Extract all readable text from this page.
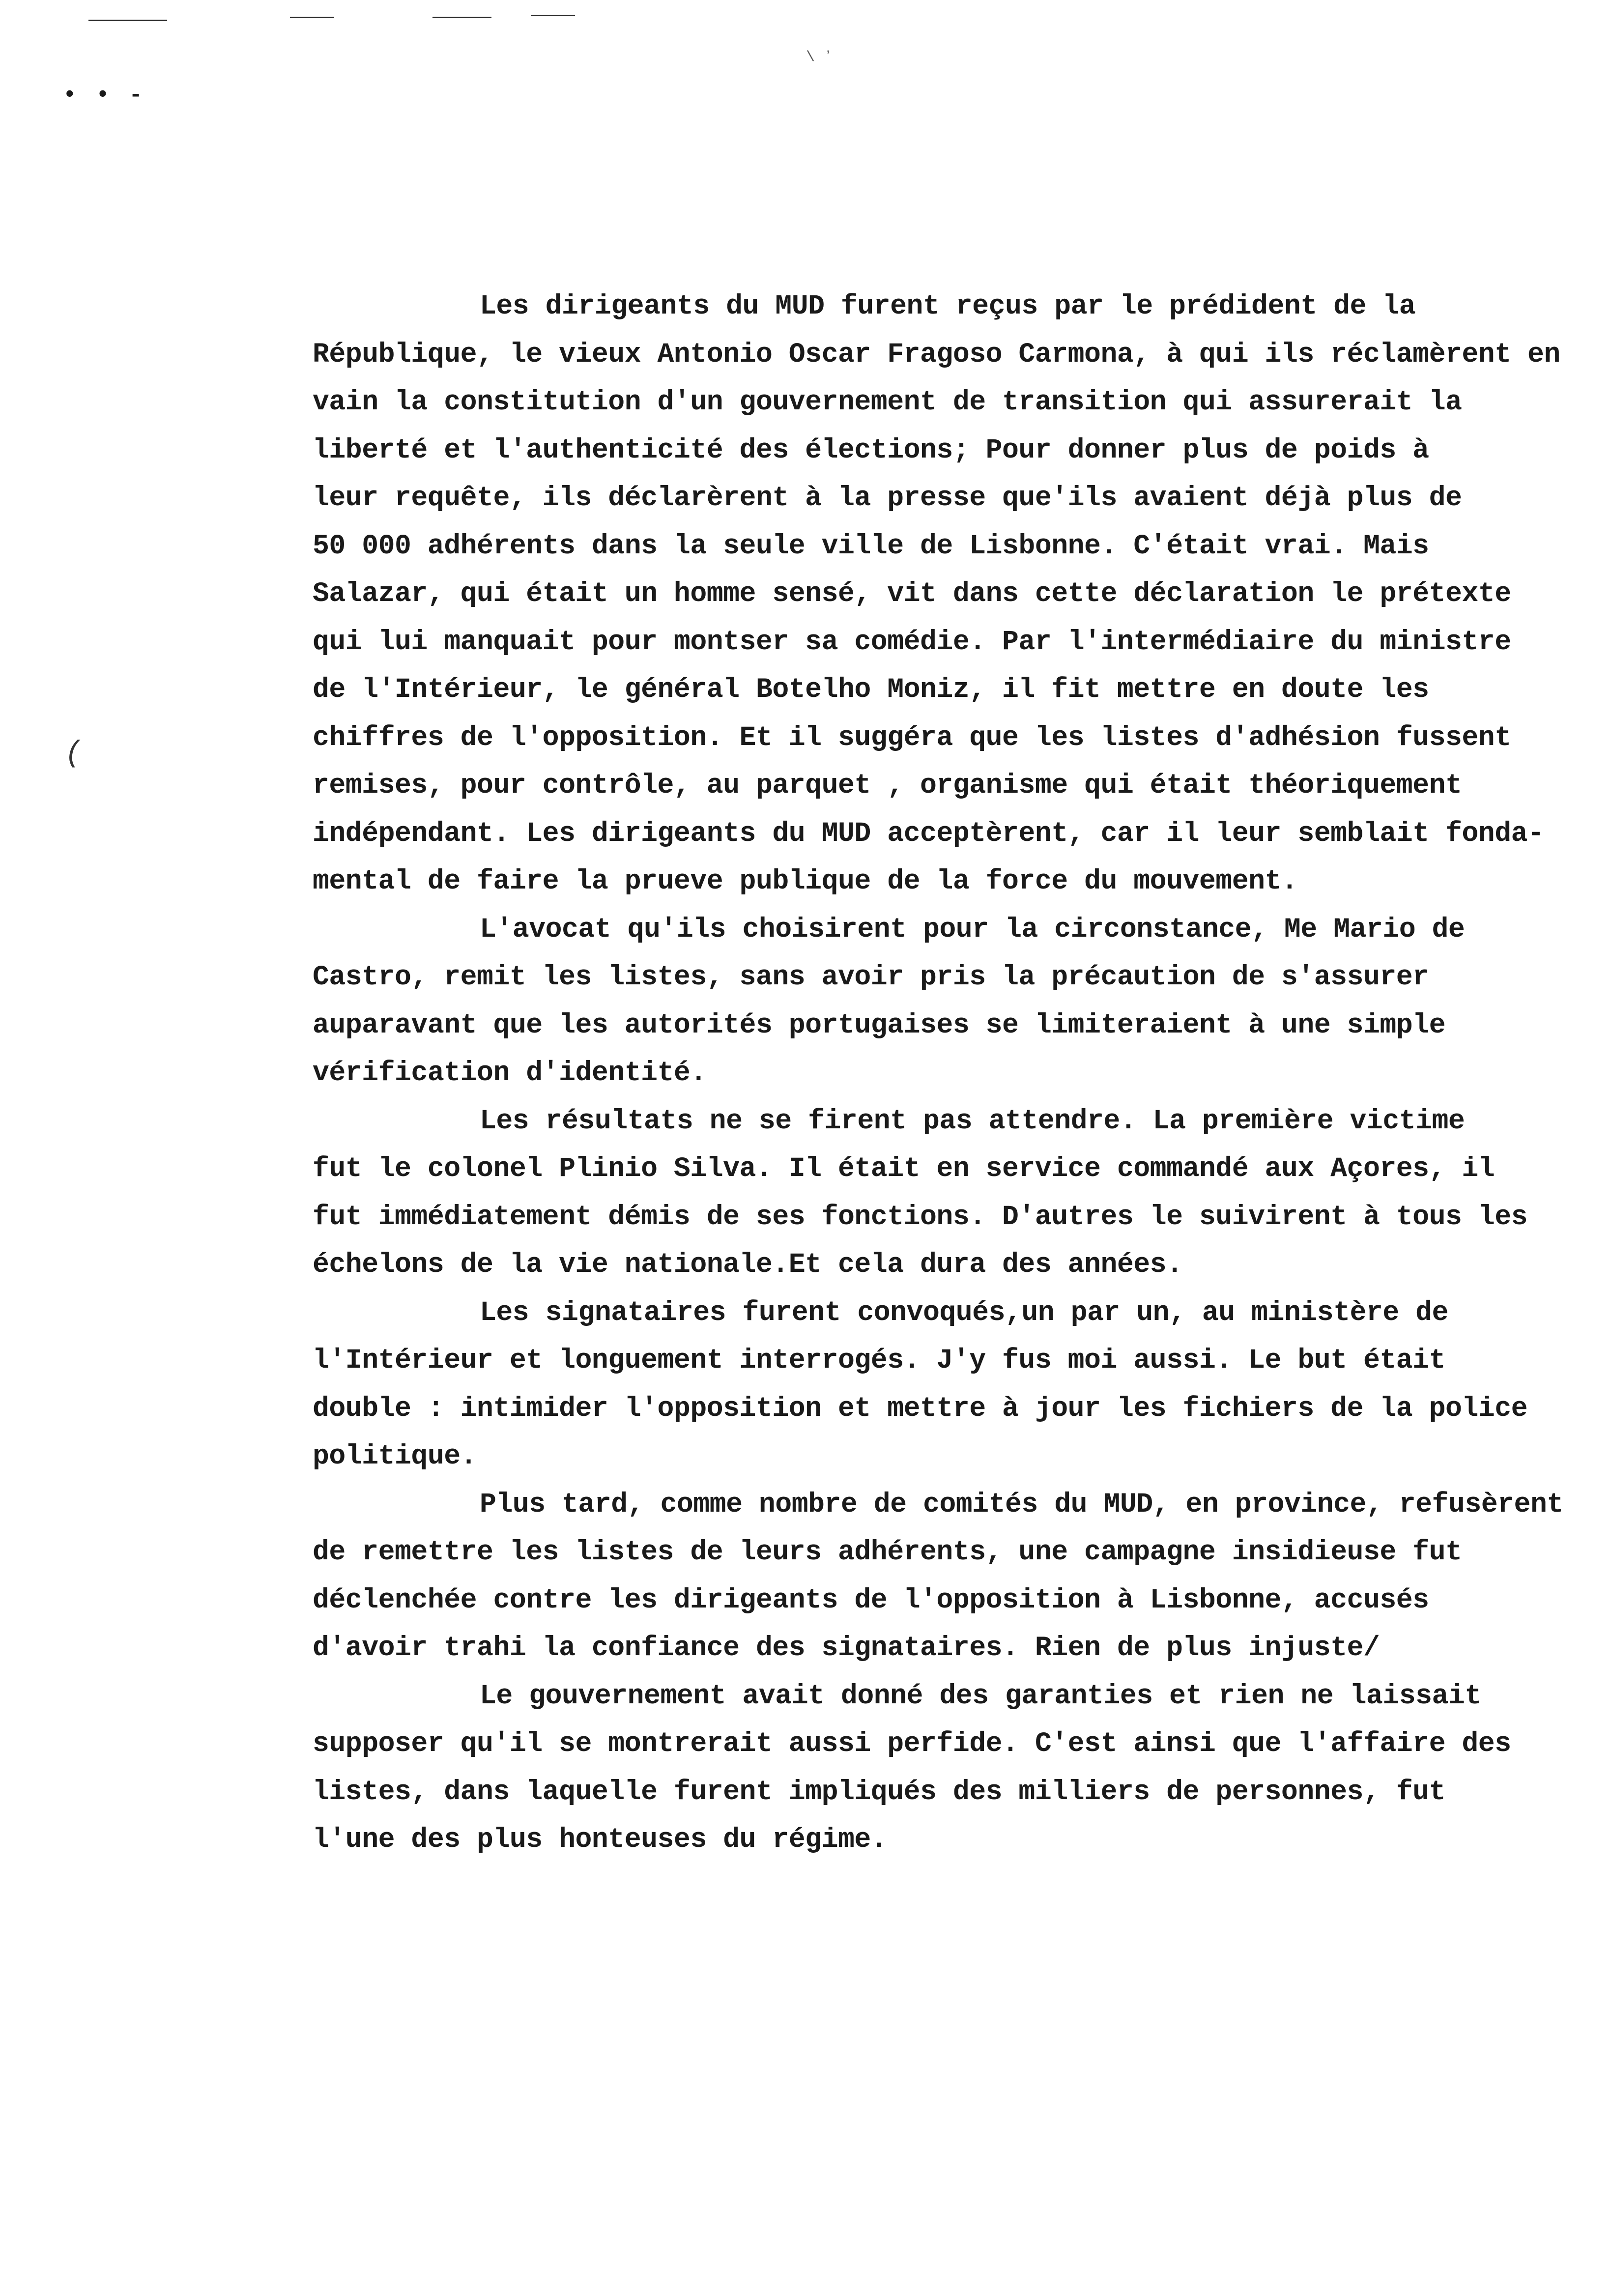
• • -
\ ʼ
(
Les dirigeants du MUD furent reçus par le prédident de la
République, le vieux Antonio Oscar Fragoso Carmona, à qui ils réclamèrent en
vain la constitution d'un gouvernement de transition qui assurerait la
liberté et l'authenticité des élections; Pour donner plus de poids à
leur requête, ils déclarèrent à la presse que'ils avaient déjà plus de
50 000 adhérents dans la seule ville de Lisbonne. C'était vrai. Mais
Salazar, qui était un homme sensé, vit dans cette déclaration le prétexte
qui lui manquait pour montser sa comédie. Par l'intermédiaire du ministre
de l'Intérieur, le général Botelho Moniz, il fit mettre en doute les
chiffres de l'opposition. Et il suggéra que les listes d'adhésion fussent
remises, pour contrôle, au parquet , organisme qui était théoriquement
indépendant. Les dirigeants du MUD acceptèrent, car il leur semblait fonda-
mental de faire la prueve publique de la force du mouvement.
L'avocat qu'ils choisirent pour la circonstance, Me Mario de
Castro, remit les listes, sans avoir pris la précaution de s'assurer
auparavant que les autorités portugaises se limiteraient à une simple
vérification d'identité.
Les résultats ne se firent pas attendre. La première victime
fut le colonel Plinio Silva. Il était en service commandé aux Açores, il
fut immédiatement démis de ses fonctions. D'autres le suivirent à tous les
échelons de la vie nationale.Et cela dura des années.
Les signataires furent convoqués,un par un, au ministère de
l'Intérieur et longuement interrogés. J'y fus moi aussi. Le but était
double : intimider l'opposition et mettre à jour les fichiers de la police
politique.
Plus tard, comme nombre de comités du MUD, en province, refusèrent
de remettre les listes de leurs adhérents, une campagne insidieuse fut
déclenchée contre les dirigeants de l'opposition à Lisbonne, accusés
d'avoir trahi la confiance des signataires. Rien de plus injuste/
Le gouvernement avait donné des garanties et rien ne laissait
supposer qu'il se montrerait aussi perfide. C'est ainsi que l'affaire des
listes, dans laquelle furent impliqués des milliers de personnes, fut
l'une des plus honteuses du régime.
